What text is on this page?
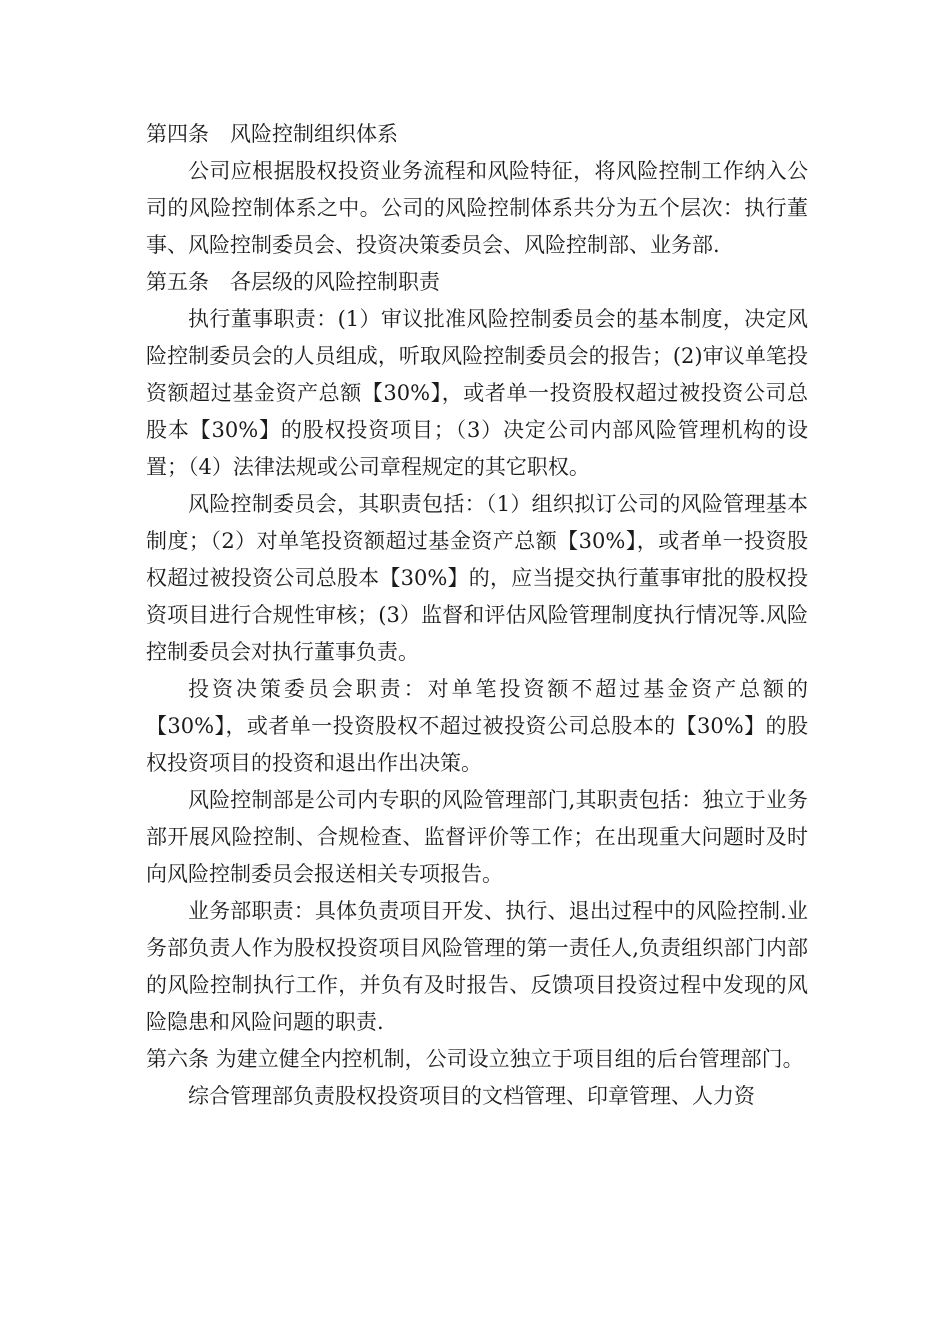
第四条　风险控制组织体系

公司应根据股权投资业务流程和风险特征，将风险控制工作纳入公司的风险控制体系之中。公司的风险控制体系共分为五个层次：执行董事、风险控制委员会、投资决策委员会、风险控制部、业务部.

第五条　各层级的风险控制职责

执行董事职责：(1）审议批准风险控制委员会的基本制度，决定风险控制委员会的人员组成，听取风险控制委员会的报告；(2)审议单笔投资额超过基金资产总额【30%】，或者单一投资股权超过被投资公司总股本【30%】的股权投资项目；（3）决定公司内部风险管理机构的设置；（4）法律法规或公司章程规定的其它职权。

风险控制委员会，其职责包括：（1）组织拟订公司的风险管理基本制度；（2）对单笔投资额超过基金资产总额【30%】，或者单一投资股权超过被投资公司总股本【30%】的，应当提交执行董事审批的股权投资项目进行合规性审核；(3）监督和评估风险管理制度执行情况等.风险控制委员会对执行董事负责。

投资决策委员会职责：对单笔投资额不超过基金资产总额的【30%】，或者单一投资股权不超过被投资公司总股本的【30%】的股权投资项目的投资和退出作出决策。

风险控制部是公司内专职的风险管理部门,其职责包括：独立于业务部开展风险控制、合规检查、监督评价等工作；在出现重大问题时及时向风险控制委员会报送相关专项报告。

业务部职责：具体负责项目开发、执行、退出过程中的风险控制.业务部负责人作为股权投资项目风险管理的第一责任人,负责组织部门内部的风险控制执行工作，并负有及时报告、反馈项目投资过程中发现的风险隐患和风险问题的职责.

第六条 为建立健全内控机制，公司设立独立于项目组的后台管理部门。

综合管理部负责股权投资项目的文档管理、印章管理、人力资
